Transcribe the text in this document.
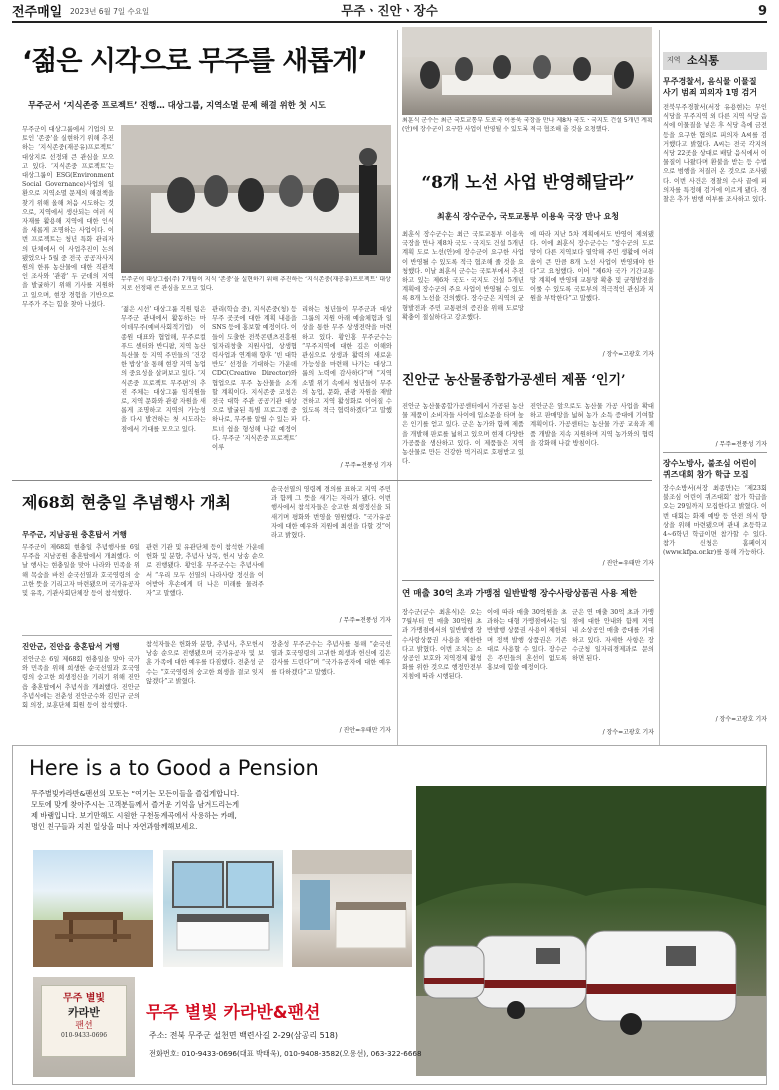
전주매일 2023년 6월 7일 수요일	무주ㆍ진안ㆍ장수	9
‘젊은 시각으로 무주를 새롭게’
무주군서 ‘지식존중 프로젝트’ 진행… 대상그룹, 지역소멸 문제 해결 위한 첫 시도
무주군이 대상그룹에서 기업의 모토인 ‘존중’을 실현하기 위해 추진하는 ‘지식존중(재공유)프로젝트’ 대상지로 선정돼 큰 관심을 모으고 있다. ‘지식존중 프로젝트’는 대상그룹이 ESG(Environment Social Governance)사업의 일환으로 지역소멸 문제의 해결책을 찾기 위해 올해 처음 시도하는 것으로, 지역에서 생산되는 여러 식자재를 활용해 지역에 대한 인식을 새롭게 조명하는 사업이다. 이번 프로젝트는 청년 특화 관리자의 단체에서 이 사업추진이 논의됐었으나 5월 중 전국 공공자사지원의 한류 농산물에 대한 직관적인 조사와 ‘관광’ 두 군데의 지역을 발굴하기 위해 기사를 지원하고 있으며, 현장 경험을 기반으로 무주가 주는 힘을 찾아 나섰다.
무주군이 대상그룹(주) 7개팀이 지식 ‘존중’을 실현하기 위해 추진하는 ‘지식존중(재공유)프로젝트’ 대상지로 선정돼 큰 관심을 모으고 있다.
‘젊은 시선’ 대상그룹 직원 팀은 무주군 관내에서 활동하는 마이데무주(예비사회적기업) 이종원 대표와 협업해, 무주로컬푸드 센터와 반디팜, 지역 농산 특산물 등 지역 주민들의 ‘건강한 밥상’을 통해 현장 지역 농업의 중요성을 살펴보고 있다. ‘지식존중 프로젝트 무주편’의 추진 주체는 대상그룹 임직원들로, 지역 문화와 관광 자원을 새롭게 조명하고 지역의 가능성을 다시 발견하는 첫 시도라는 점에서 기대를 모으고 있다.
관리(학습 중), 지식존중(청) 등 무주 곳곳에 대한 계획 내용을 SNS 등에 홍보할 예정이다. 이들이 도출한 전북콘텐츠진흥원 일자리창출 지원사업, 상생협력사업과 연계해 향후 ‘빈 대학반도’ 선정을 기대하는 가운데 CDC(Creative Director)와 협업으로 무주 농산물을 소개할 계획이다. 지식존중 코칭은 전국 대학 주관 공공기관 대상으로 발굴된 특별 프로그램 중 하나로, 무주를 알릴 수 있는 파트너 쉽을 형성해 나갈 예정이다. 무주군 ‘지식존중 프로젝트’ 이루
리하는 청년들이 무주군과 대상그룹의 지원 아래 예술체험과 일상을 통한 무주 상생전략을 마련하고 있다. 황인홍 무주군수는 “무주지역에 대한 깊은 이해와 관심으로 상생과 활력의 새로운 가능성을 마련해 나가는 대상그룹의 노력에 감사하다”며 “지역소멸 위기 속에서 청년들이 무주의 농업, 문화, 관광 자원을 재발견하고 지역 활성화로 이어질 수 있도록 적극 협력하겠다”고 말했다.
/ 무주=전풍성 기자
최훈식 군수는 최근 국토교통부 도로국 이용욱 국장을 만나 제8차 국도ㆍ국지도 건설 5개년 계획(안)에 장수군이 요구한 사업이 반영될 수 있도록 적극 협조해 줄 것을 요청했다.
“8개 노선 사업 반영해달라”
최훈식 장수군수, 국토교통부 이용욱 국장 만나 요청
최훈식 장수군수는 최근 국토교통부 이용욱 국장을 만나 제8차 국도ㆍ국지도 건설 5개년 계획 도로 노선(안)에 장수군이 요구한 사업이 반영될 수 있도록 적극 협조해 줄 것을 요청했다. 이날 최훈식 군수는 국토부에서 추진하고 있는 제6차 국도ㆍ국지도 건설 5개년 계획에 장수군의 주요 사업이 반영될 수 있도록 8개 노선을 건의했다. 장수군은 지역의 균형발전과 주민 교통편의 증진을 위해 도로망 확충이 절실하다고 강조했다.
에 따라 지난 5차 계획에서도 반영이 제외됐다. 이에 최훈식 장수군수는 “장수군의 도로망이 다른 지역보다 열악해 주민 생활에 어려움이 큰 만큼 8개 노선 사업이 반영돼야 한다”고 요청했다. 이어 “제6차 국가 기간교통망 계획에 반영돼 교통망 확충 및 균형발전을 이룰 수 있도록 국토부의 적극적인 관심과 지원을 부탁한다”고 말했다.
/ 장수=고광호 기자
지역 소식통
무주경찰서, 음식물 이물질 사기 범죄 피의자 1명 검거
전북무주경찰서(서장 유용현)는 무인식당을 무주지역 외 다른 지역 식당 음식에 이물질을 넣은 후 식당 측에 금전 등을 요구한 혐의로 피의자 A씨를 검거했다고 밝혔다. A씨는 전국 각지의 식당 22곳을 상대로 배달 음식에서 이물질이 나왔다며 환불을 받는 등 수법으로 범행을 저질러 온 것으로 조사됐다. 이번 사건은 경찰의 수사 끝에 피의자를 특정해 검거에 이르게 됐다. 경찰은 추가 범행 여부를 조사하고 있다.
/ 무주=전풍성 기자
장수노방사, 불조심 어린이 퀴즈대회 참가 학급 모집
장수소방서(서장 최종만)는 ‘제23회 불조심 어린이 퀴즈대회’ 참가 학급을 오는 29일까지 모집한다고 밝혔다. 이번 대회는 화재 예방 등 안전 의식 향상을 위해 마련됐으며 관내 초등학교 4~6학년 학급이면 참가할 수 있다. 참가 신청은 홈페이지(www.kfpa.or.kr)를 통해 가능하다.
/ 장수=고광호 기자
제68회 현충일 추념행사 개최
무주군, 지남공원 충혼탑서 거행
무주군이 제68회 현충일 추념행사를 6일 무주읍 지남공원 충혼탑에서 개최했다. 이날 행사는 현충일을 맞아 나라와 민족을 위해 목숨을 바친 순국선열과 호국영령의 숭고한 뜻을 기리고자 마련됐으며 국가유공자 및 유족, 기관사회단체장 등이 참석했다.
관련 기관 및 유관단체 등이 참석한 가운데 헌화 및 분향, 추념사 낭독, 헌시 낭송 순으로 진행됐다. 황인홍 무주군수는 추념사에서 “우리 모두 선열의 나라사랑 정신을 이어받아 후손에게 더 나은 미래를 물려주자”고 말했다.
순국선열의 영령께 경의를 표하고 지역 주민과 함께 그 뜻을 새기는 자리가 됐다. 이번 행사에서 참석자들은 숭고한 희생정신을 되새기며 평화와 번영을 염원했다. “국가유공자에 대한 예우와 지원에 최선을 다할 것”이라고 밝혔다.
/ 무주=전풍성 기자
진안군, 진안읍 충혼탑서 거행
진안군은 6일 제68회 현충일을 맞아 국가와 민족을 위해 희생한 순국선열과 호국영령의 숭고한 희생정신을 기리기 위해 진안읍 충혼탑에서 추념식을 개최했다. 진안군 추념식에는 전춘성 진안군수와 김민규 군의회 의장, 보훈단체 회원 등이 참석했다.
참석자들은 헌화와 분향, 추념사, 추모헌시 낭송 순으로 진행됐으며 국가유공자 및 보훈 가족에 대한 예우를 다짐했다. 전춘성 군수는 “호국영령의 숭고한 희생을 결코 잊지 않겠다”고 밝혔다.
장춘성 무주군수는 추념사를 통해 “순국선열과 호국영령의 고귀한 희생과 헌신에 깊은 감사를 드린다”며 “국가유공자에 대한 예우를 다하겠다”고 말했다.
/ 진안=우태만 기자
진안군 농산물종합가공센터 제품 ‘인기’
진안군 농산물종합가공센터에서 가공된 농산물 제품이 소비자들 사이에 입소문을 타며 높은 인기를 얻고 있다. 군은 농가와 함께 제품을 개발해 판로를 넓히고 있으며 현재 다양한 가공품을 생산하고 있다. 이 제품들은 지역 농산물로 만든 건강한 먹거리로 호평받고 있다.
진안군은 앞으로도 농산물 가공 사업을 확대하고 판매망을 넓혀 농가 소득 증대에 기여할 계획이다. 가공센터는 농산물 가공 교육과 제품 개발을 지속 지원하며 지역 농가와의 협력을 강화해 나갈 방침이다.
/ 진안=우태만 기자
연 매출 30억 초과 가맹점 일반발행 장수사랑상품권 사용 제한
장수군(군수 최훈식)은 오는 7월부터 연 매출 30억원 초과 가맹점에서의 일반발행 장수사랑상품권 사용을 제한한다고 밝혔다. 이번 조치는 소상공인 보호와 지역경제 활성화를 위한 것으로 행정안전부 지침에 따라 시행된다.
이에 따라 매출 30억원을 초과하는 대형 가맹점에서는 일반발행 상품권 사용이 제한되며 정책 발행 상품권은 기존대로 사용할 수 있다. 장수군은 주민들의 혼선이 없도록 홍보에 힘쓸 예정이다.
군은 연 매출 30억 초과 가맹점에 대한 안내와 함께 지역 내 소상공인 매출 증대를 기대하고 있다. 자세한 사항은 장수군청 일자리경제과로 문의하면 된다.
/ 장수=고광호 기자
Here is a to Good a Pension
무주별빛카라반&팬션의 모토는 “여기는 모든이들을 즐겁게합니다.
모토에 맞게 찾아주시는 고객분들께서 즐거운 기억을 남겨드리는게
제 바램입니다. 보기만해도 시원한 구천동계곡에서 사용하는 카페,
명인 친구들과 지친 일상을 떠나 자연과함께해보세요.
무주 별빛
카라반
팬션
010-9433-0696
무주 별빛 카라반&팬션
주소: 전북 무주군 설천면 백련사길 2-29(삼공리 518)
전화번호: 010-9433-0696(대표 박태욱), 010-9408-3582(오용선), 063-322-6668
